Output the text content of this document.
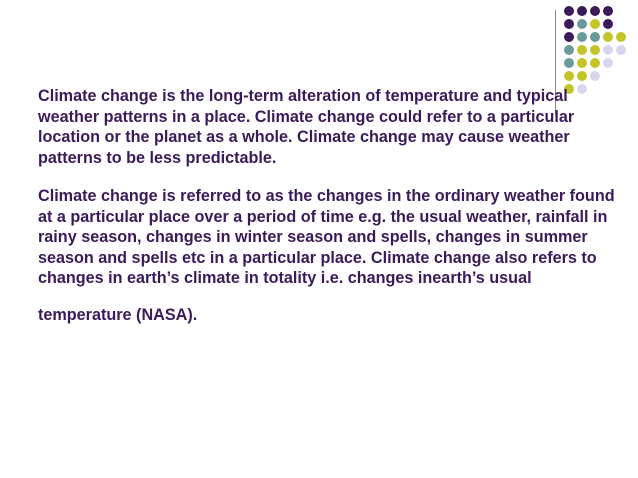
Climate change is the long-term alteration of temperature and typical weather patterns in a place. Climate change could refer to a particular location or the planet as a whole. Climate change may cause weather patterns to be less predictable.

Climate change is referred to as the changes in the ordinary weather found at a particular place over a period of time e.g. the usual weather, rainfall in rainy season, changes in winter season and spells, changes in summer season and spells etc in a particular place. Climate change also refers to changes in earth’s climate in totality i.e. changes inearth’s usual

temperature (NASA).
